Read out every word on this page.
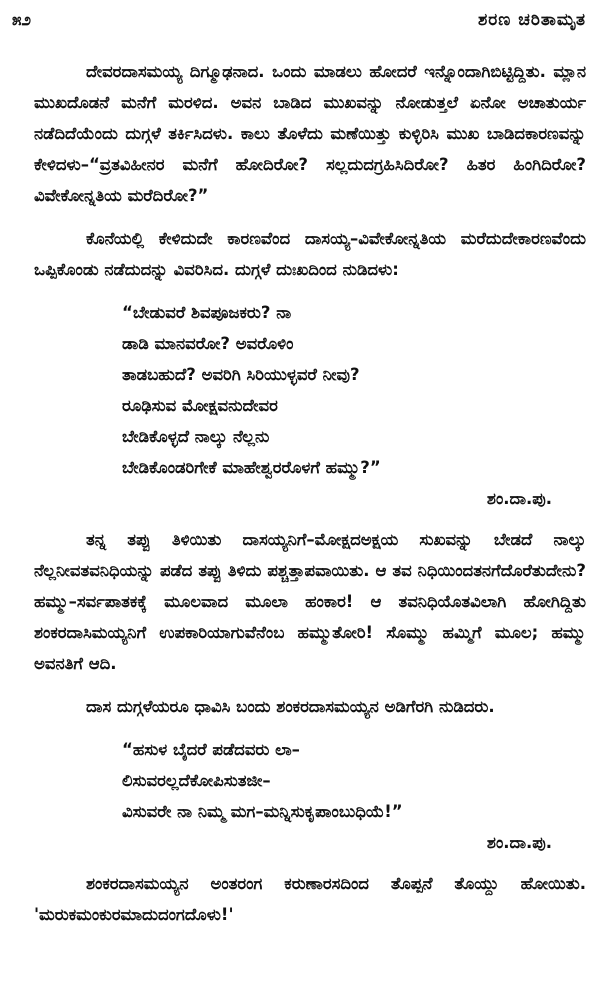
೫೨	ಶರಣ ಚರಿತಾಮೃತ

ದೇವರದಾಸಮಯ್ಯ ದಿಗ್ಮೂಢನಾದ. ಒಂದು ಮಾಡಲು ಹೋದರೆ ಇನ್ನೊಂದಾಗಿಬಿಟ್ಟಿದ್ದಿತು. ಮ್ಲಾನ ಮುಖದೊಡನೆ ಮನೆಗೆ ಮರಳಿದ. ಅವನ ಬಾಡಿದ ಮುಖವನ್ನು ನೋಡುತ್ತಲೆ ಏನೋ ಅಚಾತುರ್ಯ ನಡೆದಿದೆಯೆಂದು ದುಗ್ಗಳೆ ತರ್ಕಿಸಿದಳು. ಕಾಲು ತೊಳೆದು ಮಣೆಯಿತ್ತು ಕುಳ್ಳಿರಿಸಿ ಮುಖ ಬಾಡಿದಕಾರಣವನ್ನು ಕೇಳಿದಳು–“ವ್ರತವಿಹೀನರ ಮನೆಗೆ ಹೋದಿರೋ? ಸಲ್ಲದುದಗ್ರಹಿಸಿದಿರೋ? ಹಿತರ ಹಿಂಗಿದಿರೋ? ವಿವೇಕೋನ್ನತಿಯ ಮರೆದಿರೋ?”

ಕೊನೆಯಲ್ಲಿ ಕೇಳಿದುದೇ ಕಾರಣವೆಂದ ದಾಸಯ್ಯ–ವಿವೇಕೋನ್ನತಿಯ ಮರೆದುದೇಕಾರಣವೆಂದು ಒಪ್ಪಿಕೊಂಡು ನಡೆದುದನ್ನು ವಿವರಿಸಿದ. ದುಗ್ಗಳೆ ದುಃಖದಿಂದ ನುಡಿದಳು:

“ಬೇಡುವರೆ ಶಿವಪೂಜಕರು? ನಾ
ಡಾಡಿ ಮಾನವರೋ? ಅವರೊಳಿಂ
ತಾಡಬಹುದೆ? ಅವರಿಗಿ ಸಿರಿಯುಳ್ಳವರೆ ನೀವು?
ರೂಢಿಸುವ ಮೋಕ್ಷವನುದೇವರ
ಬೇಡಿಕೊಳ್ಳದೆ ನಾಲ್ಕು ನೆಲ್ಲನು
ಬೇಡಿಕೊಂಡರಿಗೇಕೆ ಮಾಹೇಶ್ವರರೊಳಗೆ ಹಮ್ಮು?”
ಶಂ.ದಾ.ಪು.

ತನ್ನ ತಪ್ಪು ತಿಳಿಯಿತು ದಾಸಯ್ಯನಿಗೆ–ಮೋಕ್ಷದಅಕ್ಷಯ ಸುಖವನ್ನು ಬೇಡದೆ ನಾಲ್ಕು ನೆಲ್ಲನೀವತವನಿಧಿಯನ್ನು ಪಡೆದ ತಪ್ಪು ತಿಳಿದು ಪಶ್ಚತ್ತಾಪವಾಯಿತು. ಆ ತವ ನಿಧಿಯಿಂದತನಗೆದೊರೆತುದೇನು? ಹಮ್ಮು–ಸರ್ವಪಾತಕಕ್ಕೆ ಮೂಲವಾದ ಮೂಲಾ ಹಂಕಾರ! ಆ ತವನಿಧಿಯೊತವಿಲಾಗಿ ಹೋಗಿದ್ದಿತು ಶಂಕರದಾಸಿಮಯ್ಯನಿಗೆ ಉಪಕಾರಿಯಾಗುವೆನೆಂಬ ಹಮ್ಮುತೋರಿ! ಸೊಮ್ಮು ಹಮ್ಮಿಗೆ ಮೂಲ; ಹಮ್ಮು ಅವನತಿಗೆ ಆದಿ.

ದಾಸ ದುಗ್ಗಳೆಯರೂ ಧಾವಿಸಿ ಬಂದು ಶಂಕರದಾಸಮಯ್ಯನ ಅಡಿಗೆರಗಿ ನುಡಿದರು.

“ಹಸುಳ ಬೈದರೆ ಪಡೆದವರು ಲಾ–
ಲಿಸುವರಲ್ಲದೆಕೋಪಿಸುತಜೀ–
ವಿಸುವರೇ ನಾ ನಿಮ್ಮ ಮಗ–ಮನ್ನಿಸುಕೃಪಾಂಬುಧಿಯೆ!”
ಶಂ.ದಾ.ಪು.

ಶಂಕರದಾಸಮಯ್ಯನ ಅಂತರಂಗ ಕರುಣಾರಸದಿಂದ ತೊಪ್ಪನೆ ತೊಯ್ದು ಹೋಯಿತು. 'ಮರುಕಮಂಕುರಮಾದುದಂಗದೊಳು!'
